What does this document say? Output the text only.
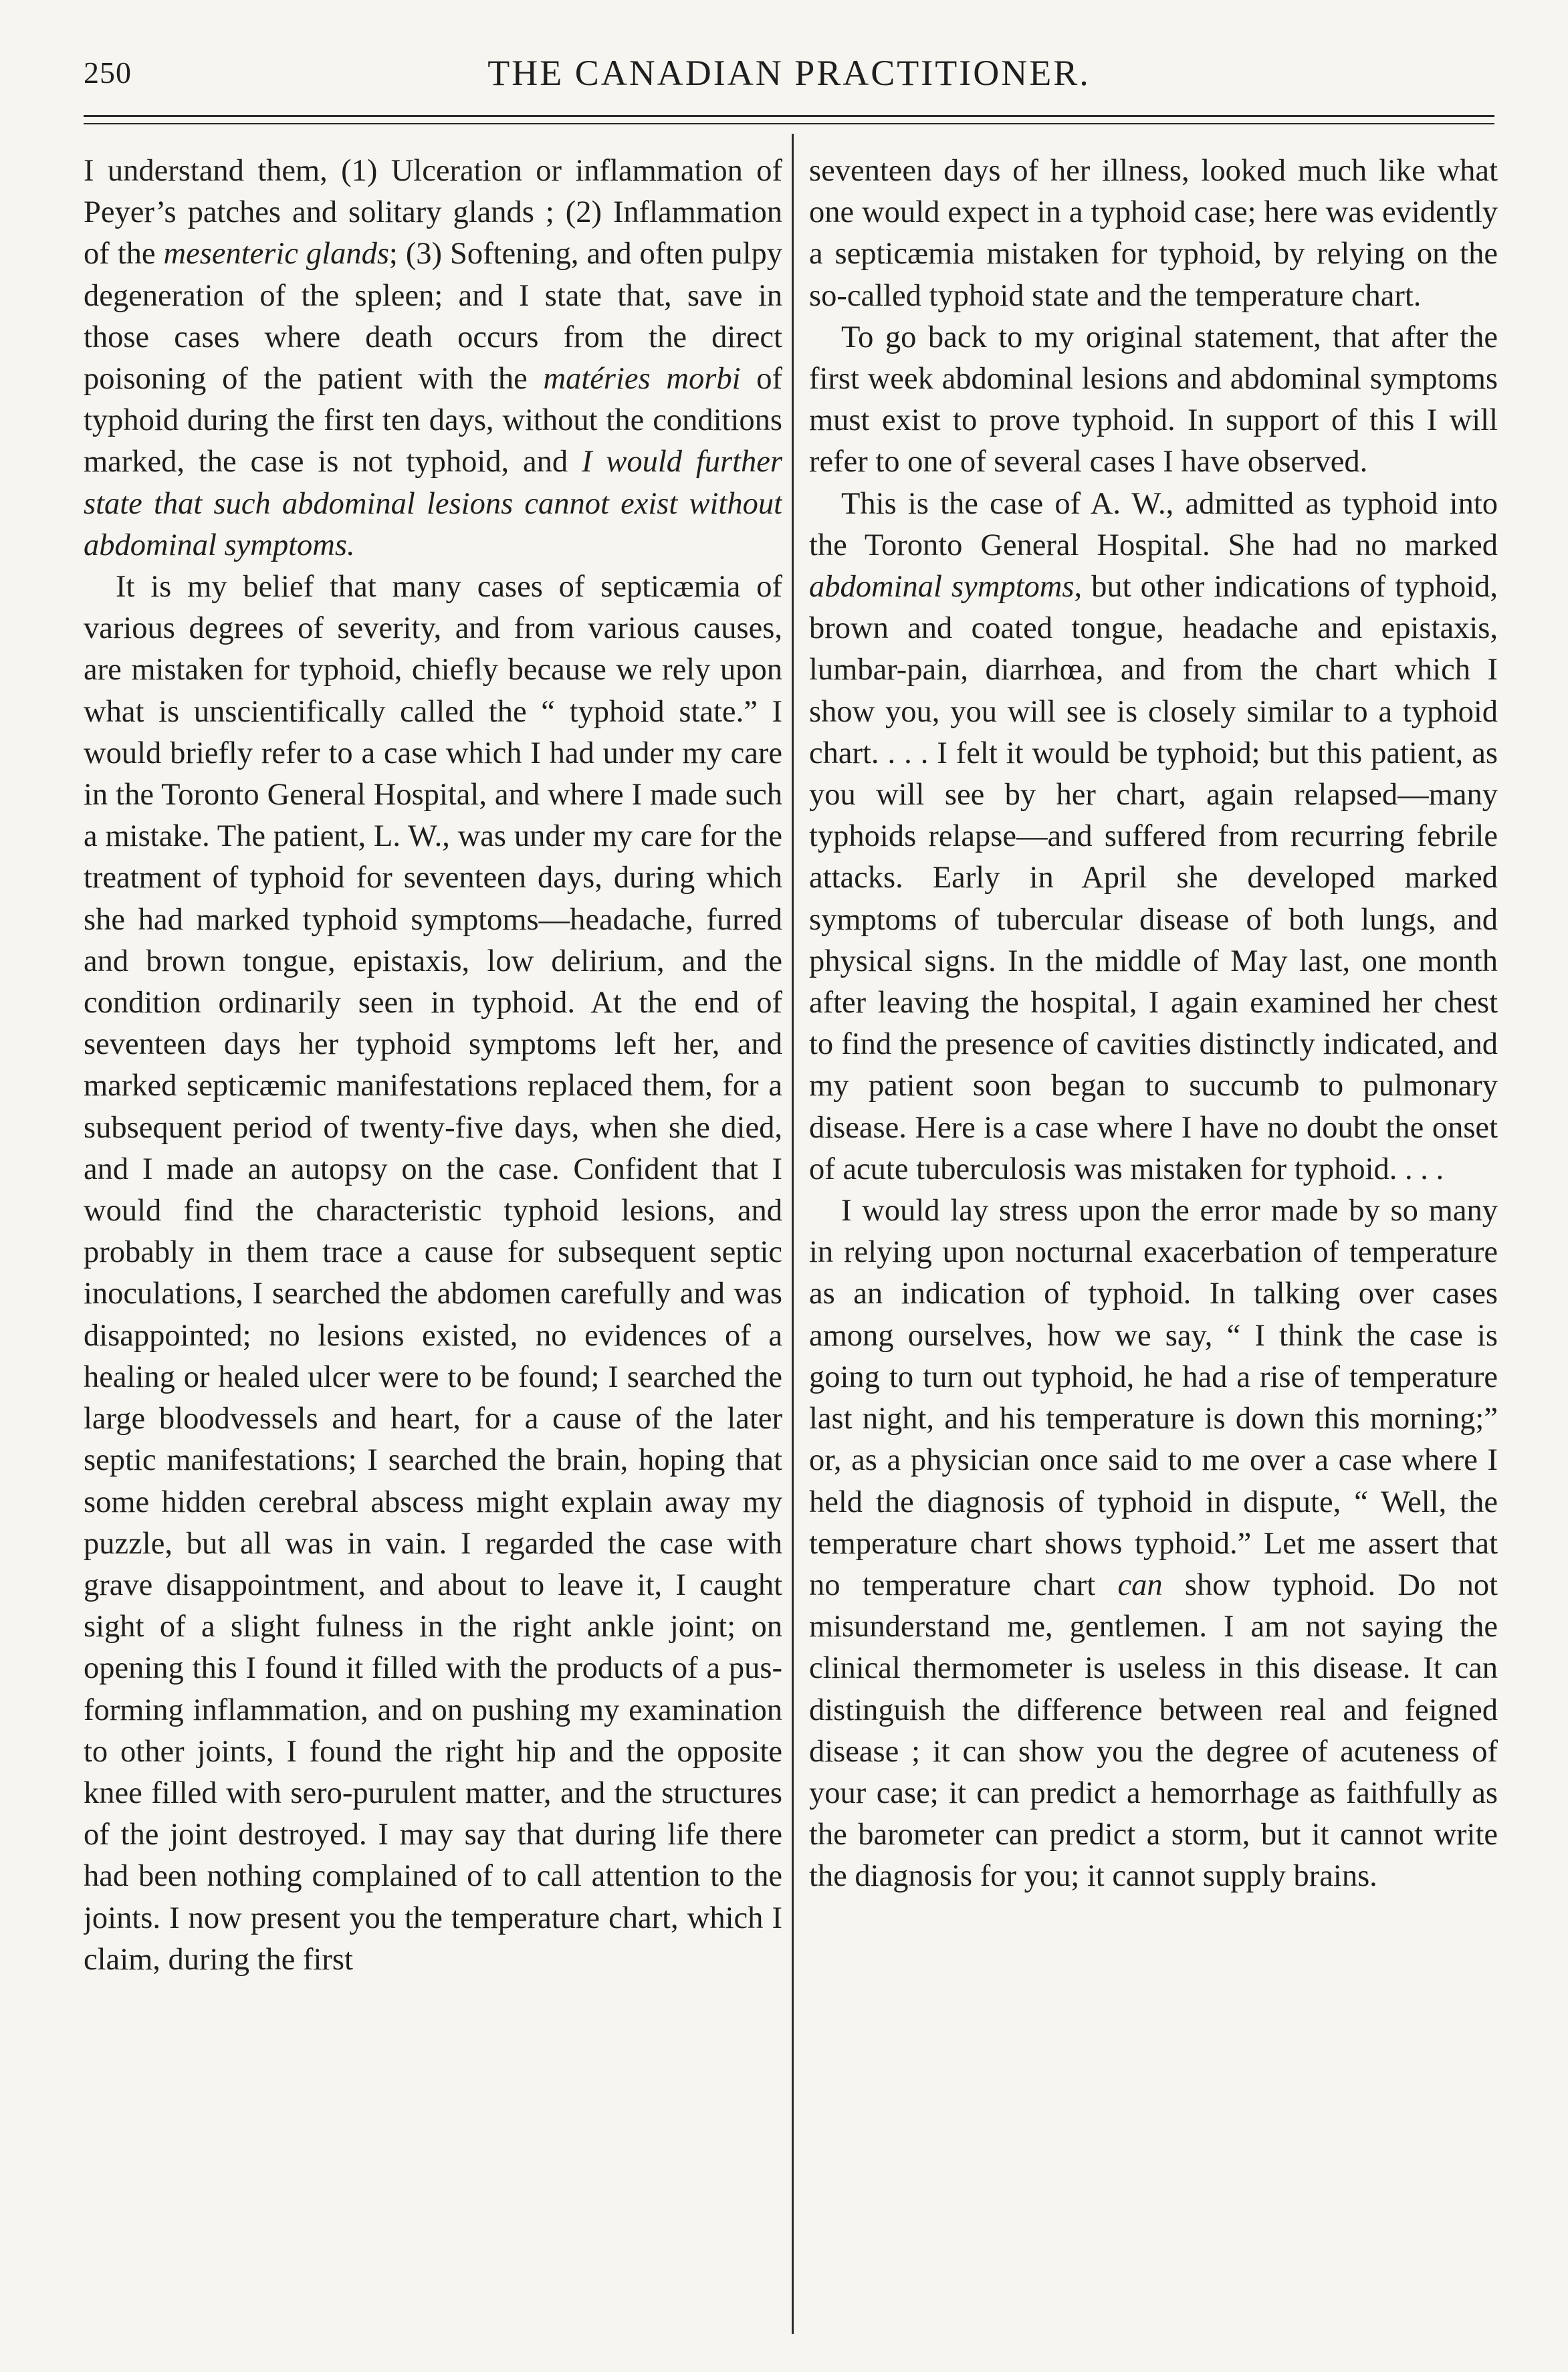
250	THE CANADIAN PRACTITIONER.

I understand them, (1) Ulceration or inflammation of Peyer’s patches and solitary glands ; (2) Inflammation of the mesenteric glands; (3) Softening, and often pulpy degeneration of the spleen; and I state that, save in those cases where death occurs from the direct poisoning of the patient with the matéries morbi of typhoid during the first ten days, without the conditions marked, the case is not typhoid, and I would further state that such abdominal lesions cannot exist without abdominal symptoms.

It is my belief that many cases of septicæmia of various degrees of severity, and from various causes, are mistaken for typhoid, chiefly because we rely upon what is unscientifically called the “ typhoid state.” I would briefly refer to a case which I had under my care in the Toronto General Hospital, and where I made such a mistake. The patient, L. W., was under my care for the treatment of typhoid for seventeen days, during which she had marked typhoid symptoms—headache, furred and brown tongue, epistaxis, low delirium, and the condition ordinarily seen in typhoid. At the end of seventeen days her typhoid symptoms left her, and marked septicæmic manifestations replaced them, for a subsequent period of twenty-five days, when she died, and I made an autopsy on the case. Confident that I would find the characteristic typhoid lesions, and probably in them trace a cause for subsequent septic inoculations, I searched the abdomen carefully and was disappointed; no lesions existed, no evidences of a healing or healed ulcer were to be found; I searched the large bloodvessels and heart, for a cause of the later septic manifestations; I searched the brain, hoping that some hidden cerebral abscess might explain away my puzzle, but all was in vain. I regarded the case with grave disappointment, and about to leave it, I caught sight of a slight fulness in the right ankle joint; on opening this I found it filled with the products of a pus-forming inflammation, and on pushing my examination to other joints, I found the right hip and the opposite knee filled with sero-purulent matter, and the structures of the joint destroyed. I may say that during life there had been nothing complained of to call attention to the joints. I now present you the temperature chart, which I claim, during the first

seventeen days of her illness, looked much like what one would expect in a typhoid case; here was evidently a septicæmia mistaken for typhoid, by relying on the so-called typhoid state and the temperature chart.

To go back to my original statement, that after the first week abdominal lesions and abdominal symptoms must exist to prove typhoid. In support of this I will refer to one of several cases I have observed.

This is the case of A. W., admitted as typhoid into the Toronto General Hospital. She had no marked abdominal symptoms, but other indications of typhoid, brown and coated tongue, headache and epistaxis, lumbar-pain, diarrhœa, and from the chart which I show you, you will see is closely similar to a typhoid chart. . . . I felt it would be typhoid; but this patient, as you will see by her chart, again relapsed—many typhoids relapse—and suffered from recurring febrile attacks. Early in April she developed marked symptoms of tubercular disease of both lungs, and physical signs. In the middle of May last, one month after leaving the hospital, I again examined her chest to find the presence of cavities distinctly indicated, and my patient soon began to succumb to pulmonary disease. Here is a case where I have no doubt the onset of acute tuberculosis was mistaken for typhoid. . . .

I would lay stress upon the error made by so many in relying upon nocturnal exacerbation of temperature as an indication of typhoid. In talking over cases among ourselves, how we say, “ I think the case is going to turn out typhoid, he had a rise of temperature last night, and his temperature is down this morning;” or, as a physician once said to me over a case where I held the diagnosis of typhoid in dispute, “ Well, the temperature chart shows typhoid.” Let me assert that no temperature chart can show typhoid. Do not misunderstand me, gentlemen. I am not saying the clinical thermometer is useless in this disease. It can distinguish the difference between real and feigned disease ; it can show you the degree of acuteness of your case; it can predict a hemorrhage as faithfully as the barometer can predict a storm, but it cannot write the diagnosis for you; it cannot supply brains.
